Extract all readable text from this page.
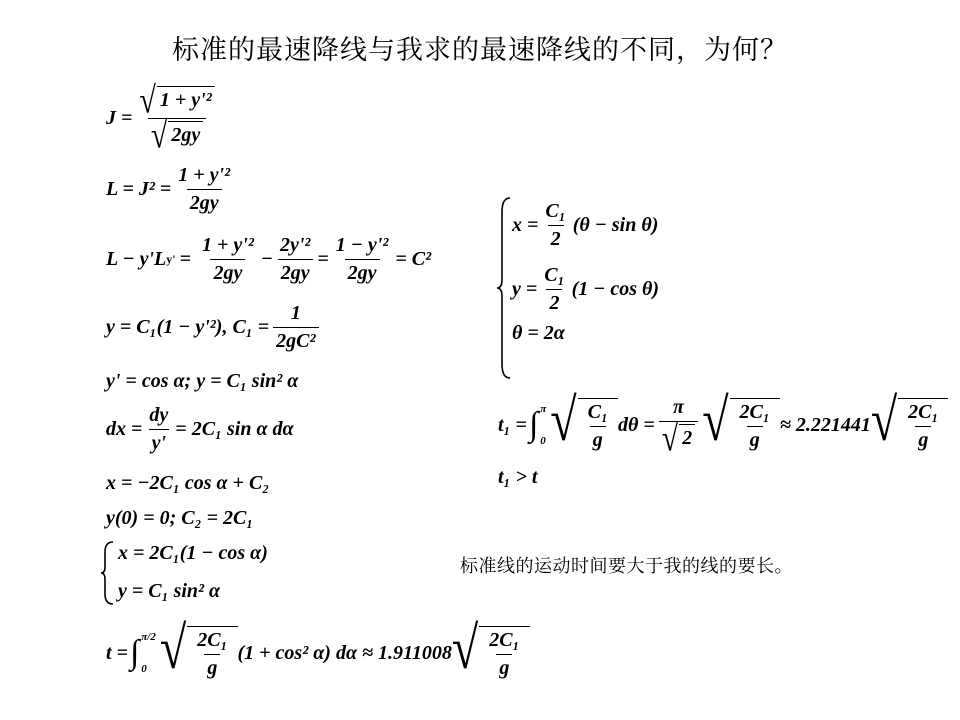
标准的最速降线与我求的最速降线的不同，为何？
$J = \frac{\text{√ 1 + y'²}}{√ 2gy}$
$L = J^2 = \frac{\text{1 + y'²}}{2gy}$
L − y'L $y' = \frac{\text{1 + y'²}}{2gy} - \frac{\text{2y'²}}{2gy} = \frac{\text{1 − y'²}}{2gy} = C^2$
y = C₁(1 − y'²), $C_1 = \frac{1}{\text{2gC²}}$
y' = cos α; y = C₁ sin² α
dx = $\frac{dy}{y'} = 2C_1$ sin α dα
x = −2C₁ cos α + C₂
y(0) = 0; C₂ = 2C₁
x = 2C₁(1 − cos α)
y = C₁ sin² α
t = ∫ π/2
0 √ $\frac{\text{2C₁}}{g} (1 + \cos^2$ α) dα ≈ 1.911008 √ $\frac{\text{2C₁}}{g}$
$x = \frac{\text{C₁}}{2} (\theta - \sin \theta)$
$y = \frac{\text{C₁}}{2} (1 - \cos \theta)$
θ = 2α
t₁ = ∫ π
0 √ $\frac{\text{C₁}}{g}$ $d\theta = \frac{\pi}{√ 2}$ √ $\frac{\text{2C₁}}{g} \approx 2.221441$ √ $\frac{\text{2C₁}}{g}$
t₁ > t
标准线的运动时间要大于我的线的要长。
